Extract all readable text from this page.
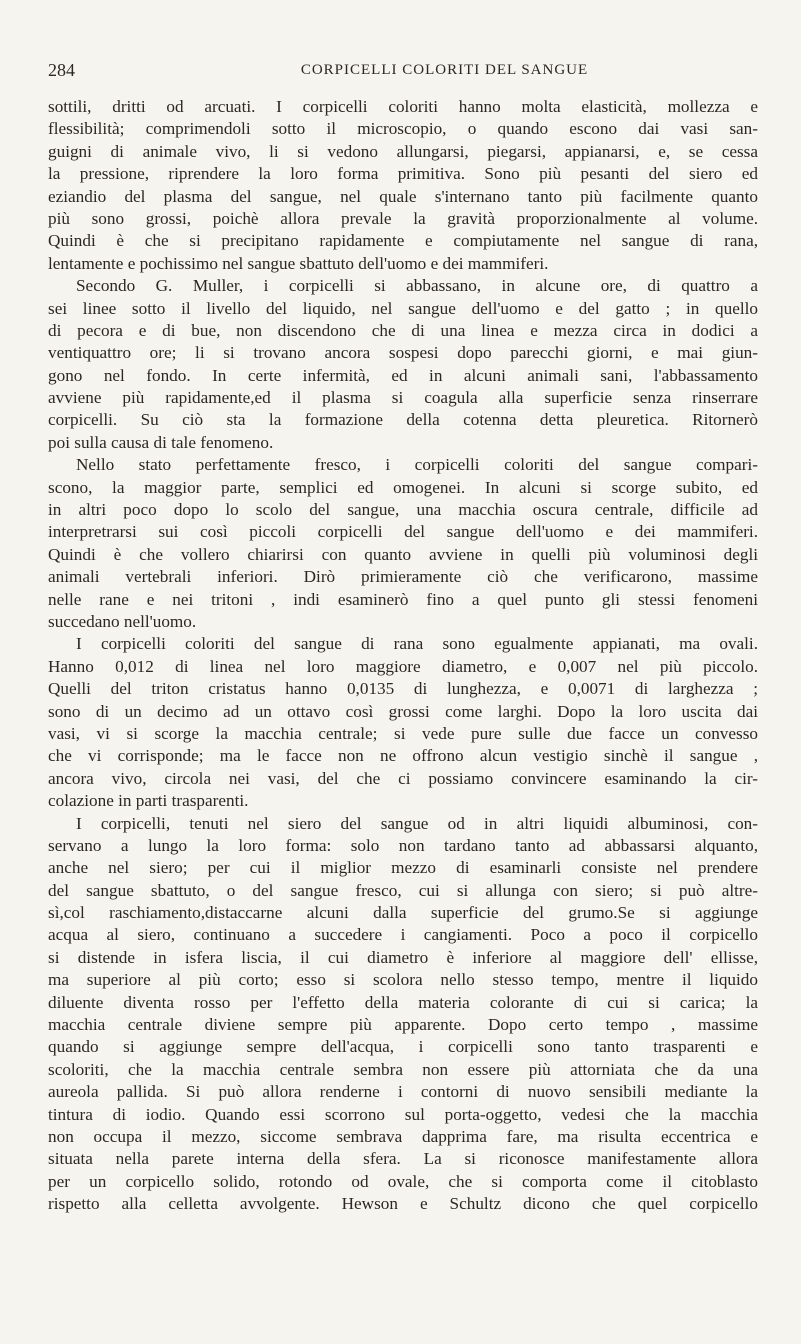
284	CORPICELLI COLORITI DEL SANGUE
sottili, dritti od arcuati. I corpicelli coloriti hanno molta elasticità, mollezza e
flessibilità; comprimendoli sotto il microscopio, o quando escono dai vasi san-
guigni di animale vivo, li si vedono allungarsi, piegarsi, appianarsi, e, se cessa
la pressione, riprendere la loro forma primitiva. Sono più pesanti del siero ed
eziandio del plasma del sangue, nel quale s'internano tanto più facilmente quanto
più sono grossi, poichè allora prevale la gravità proporzionalmente al volume.
Quindi è che si precipitano rapidamente e compiutamente nel sangue di rana,
lentamente e pochissimo nel sangue sbattuto dell'uomo e dei mammiferi.
Secondo G. Muller, i corpicelli si abbassano, in alcune ore, di quattro a
sei linee sotto il livello del liquido, nel sangue dell'uomo e del gatto ; in quello
di pecora e di bue, non discendono che di una linea e mezza circa in dodici a
ventiquattro ore; li si trovano ancora sospesi dopo parecchi giorni, e mai giun-
gono nel fondo. In certe infermità, ed in alcuni animali sani, l'abbassamento
avviene più rapidamente,ed il plasma si coagula alla superficie senza rinserrare
corpicelli. Su ciò sta la formazione della cotenna detta pleuretica. Ritornerò
poi sulla causa di tale fenomeno.
Nello stato perfettamente fresco, i corpicelli coloriti del sangue compari-
scono, la maggior parte, semplici ed omogenei. In alcuni si scorge subito, ed
in altri poco dopo lo scolo del sangue, una macchia oscura centrale, difficile ad
interpretrarsi sui così piccoli corpicelli del sangue dell'uomo e dei mammiferi.
Quindi è che vollero chiarirsi con quanto avviene in quelli più voluminosi degli
animali vertebrali inferiori. Dirò primieramente ciò che verificarono, massime
nelle rane e nei tritoni , indi esaminerò fino a quel punto gli stessi fenomeni
succedano nell'uomo.
I corpicelli coloriti del sangue di rana sono egualmente appianati, ma ovali.
Hanno 0,012 di linea nel loro maggiore diametro, e 0,007 nel più piccolo.
Quelli del triton cristatus hanno 0,0135 di lunghezza, e 0,0071 di larghezza ;
sono di un decimo ad un ottavo così grossi come larghi. Dopo la loro uscita dai
vasi, vi si scorge la macchia centrale; si vede pure sulle due facce un convesso
che vi corrisponde; ma le facce non ne offrono alcun vestigio sinchè il sangue ,
ancora vivo, circola nei vasi, del che ci possiamo convincere esaminando la cir-
colazione in parti trasparenti.
I corpicelli, tenuti nel siero del sangue od in altri liquidi albuminosi, con-
servano a lungo la loro forma: solo non tardano tanto ad abbassarsi alquanto,
anche nel siero; per cui il miglior mezzo di esaminarli consiste nel prendere
del sangue sbattuto, o del sangue fresco, cui si allunga con siero; si può altre-
sì,col raschiamento,distaccarne alcuni dalla superficie del grumo.Se si aggiunge
acqua al siero, continuano a succedere i cangiamenti. Poco a poco il corpicello
si distende in isfera liscia, il cui diametro è inferiore al maggiore dell' ellisse,
ma superiore al più corto; esso si scolora nello stesso tempo, mentre il liquido
diluente diventa rosso per l'effetto della materia colorante di cui si carica; la
macchia centrale diviene sempre più apparente. Dopo certo tempo , massime
quando si aggiunge sempre dell'acqua, i corpicelli sono tanto trasparenti e
scoloriti, che la macchia centrale sembra non essere più attorniata che da una
aureola pallida. Si può allora renderne i contorni di nuovo sensibili mediante la
tintura di iodio. Quando essi scorrono sul porta-oggetto, vedesi che la macchia
non occupa il mezzo, siccome sembrava dapprima fare, ma risulta eccentrica e
situata nella parete interna della sfera. La si riconosce manifestamente allora
per un corpicello solido, rotondo od ovale, che si comporta come il citoblasto
rispetto alla celletta avvolgente. Hewson e Schultz dicono che quel corpicello
